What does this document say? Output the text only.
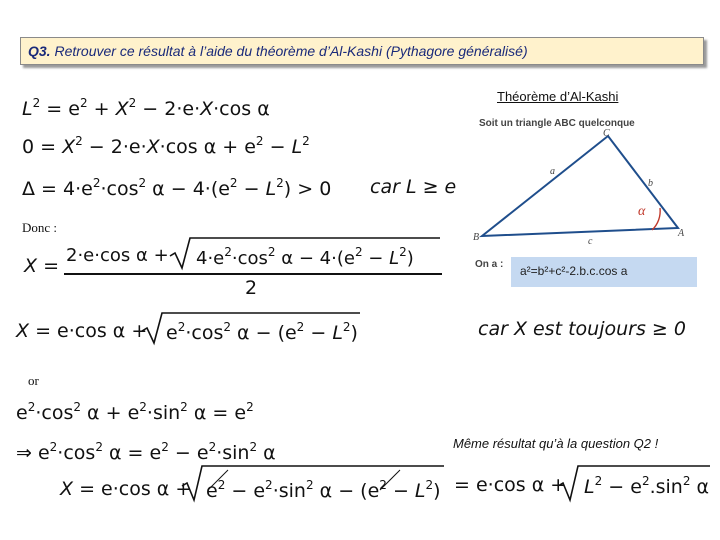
Q3. Retrouver ce résultat à l’aide du théorème d’Al-Kashi (Pythagore généralisé)
$L^2 = e^2 + X^2 - 2\cdot e\cdot X\cdot\cos$ α
$0 = X^2 - 2\cdot e\cdot X\cdot\cos$ $\alpha + e^2 - L^2$
$\Delta = 4\cdot e^2\cdot\cos^2$ $\alpha - 4\cdot(e^2 - L^2) > 0$ car L ≥ e
Donc :
X = 2·e·cos $\alpha + 4\cdot e^2\cdot\cos^2$ $\alpha - 4\cdot(e^2 - L^2)$
2
X = e·cos $\alpha + e^2\cdot\cos^2$ $\alpha - (e^2 - L^2)$	car X est toujours ≥ 0
or
$e^2\cdot\cos^2$ $\alpha + e^2\cdot\sin^2$ $\alpha = e^2$
⇒ $e^2\cdot\cos^2$ $\alpha = e^2 - e^2\cdot\sin^2$ α	Même résultat qu’à la question Q2 !
X = e·cos $\alpha + e^2 - e^2\cdot\sin^2$ $\alpha - (e^2 - L^2) = e\cdot\cos$ $\alpha + L^2 - e^2.\sin^2$ α
Théorème d’Al-Kashi
Soit un triangle ABC quelconque
C
B	A
a
b
c
α
On a :	a²=b²+c²-2.b.c.cos a
